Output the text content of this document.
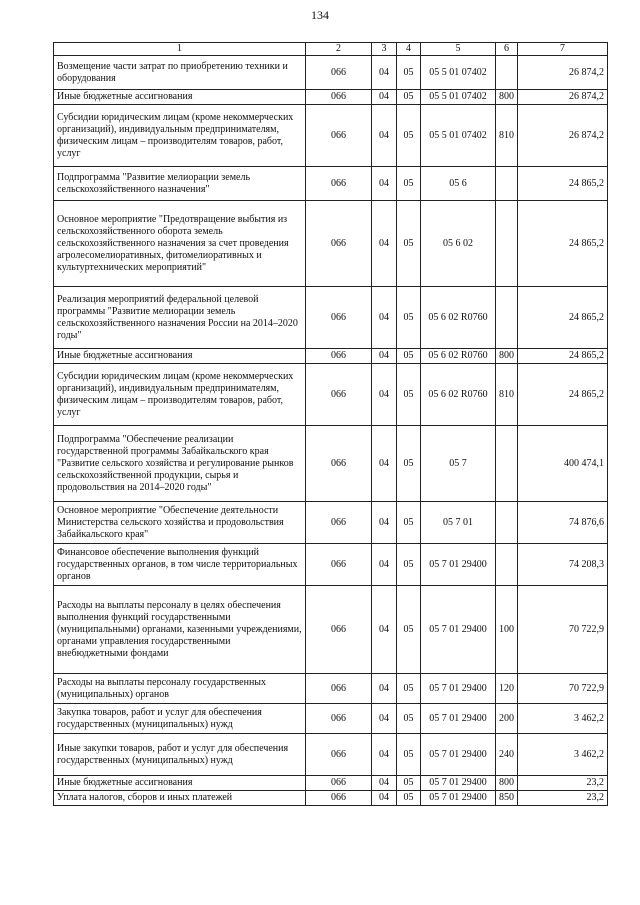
134
1	2	3	4	5	6	7
Возмещение части затрат по приобретению техники и оборудования	066	04	05	05 5 01 07402		26 874,2
Иные бюджетные ассигнования	066	04	05	05 5 01 07402	800	26 874,2
Субсидии юридическим лицам (кроме некоммерческих организаций), индивидуальным предпринимателям, физическим лицам – производителям товаров, работ, услуг	066	04	05	05 5 01 07402	810	26 874,2
Подпрограмма "Развитие мелиорации земель сельскохозяйственного назначения"	066	04	05	05 6		24 865,2
Основное мероприятие "Предотвращение выбытия из сельскохозяйственного оборота земель сельскохозяйственного назначения за счет проведения агролесомелиоративных, фитомелиоративных и культуртехнических мероприятий"	066	04	05	05 6 02		24 865,2
Реализация мероприятий федеральной целевой программы "Развитие мелиорации земель сельскохозяйственного назначения России на 2014–2020 годы"	066	04	05	05 6 02 R0760		24 865,2
Иные бюджетные ассигнования	066	04	05	05 6 02 R0760	800	24 865,2
Субсидии юридическим лицам (кроме некоммерческих организаций), индивидуальным предпринимателям, физическим лицам – производителям товаров, работ, услуг	066	04	05	05 6 02 R0760	810	24 865,2
Подпрограмма "Обеспечение реализации государственной программы Забайкальского края "Развитие сельского хозяйства и регулирование рынков сельскохозяйственной продукции, сырья и продовольствия на 2014–2020 годы"	066	04	05	05 7		400 474,1
Основное мероприятие "Обеспечение деятельности Министерства сельского хозяйства и продовольствия Забайкальского края"	066	04	05	05 7 01		74 876,6
Финансовое обеспечение выполнения функций государственных органов, в том числе территориальных органов	066	04	05	05 7 01 29400		74 208,3
Расходы на выплаты персоналу в целях обеспечения выполнения функций государственными (муниципальными) органами, казенными учреждениями, органами управления государственными внебюджетными фондами	066	04	05	05 7 01 29400	100	70 722,9
Расходы на выплаты персоналу государственных (муниципальных) органов	066	04	05	05 7 01 29400	120	70 722,9
Закупка товаров, работ и услуг для обеспечения государственных (муниципальных) нужд	066	04	05	05 7 01 29400	200	3 462,2
Иные закупки товаров, работ и услуг для обеспечения государственных (муниципальных) нужд	066	04	05	05 7 01 29400	240	3 462,2
Иные бюджетные ассигнования	066	04	05	05 7 01 29400	800	23,2
Уплата налогов, сборов и иных платежей	066	04	05	05 7 01 29400	850	23,2
